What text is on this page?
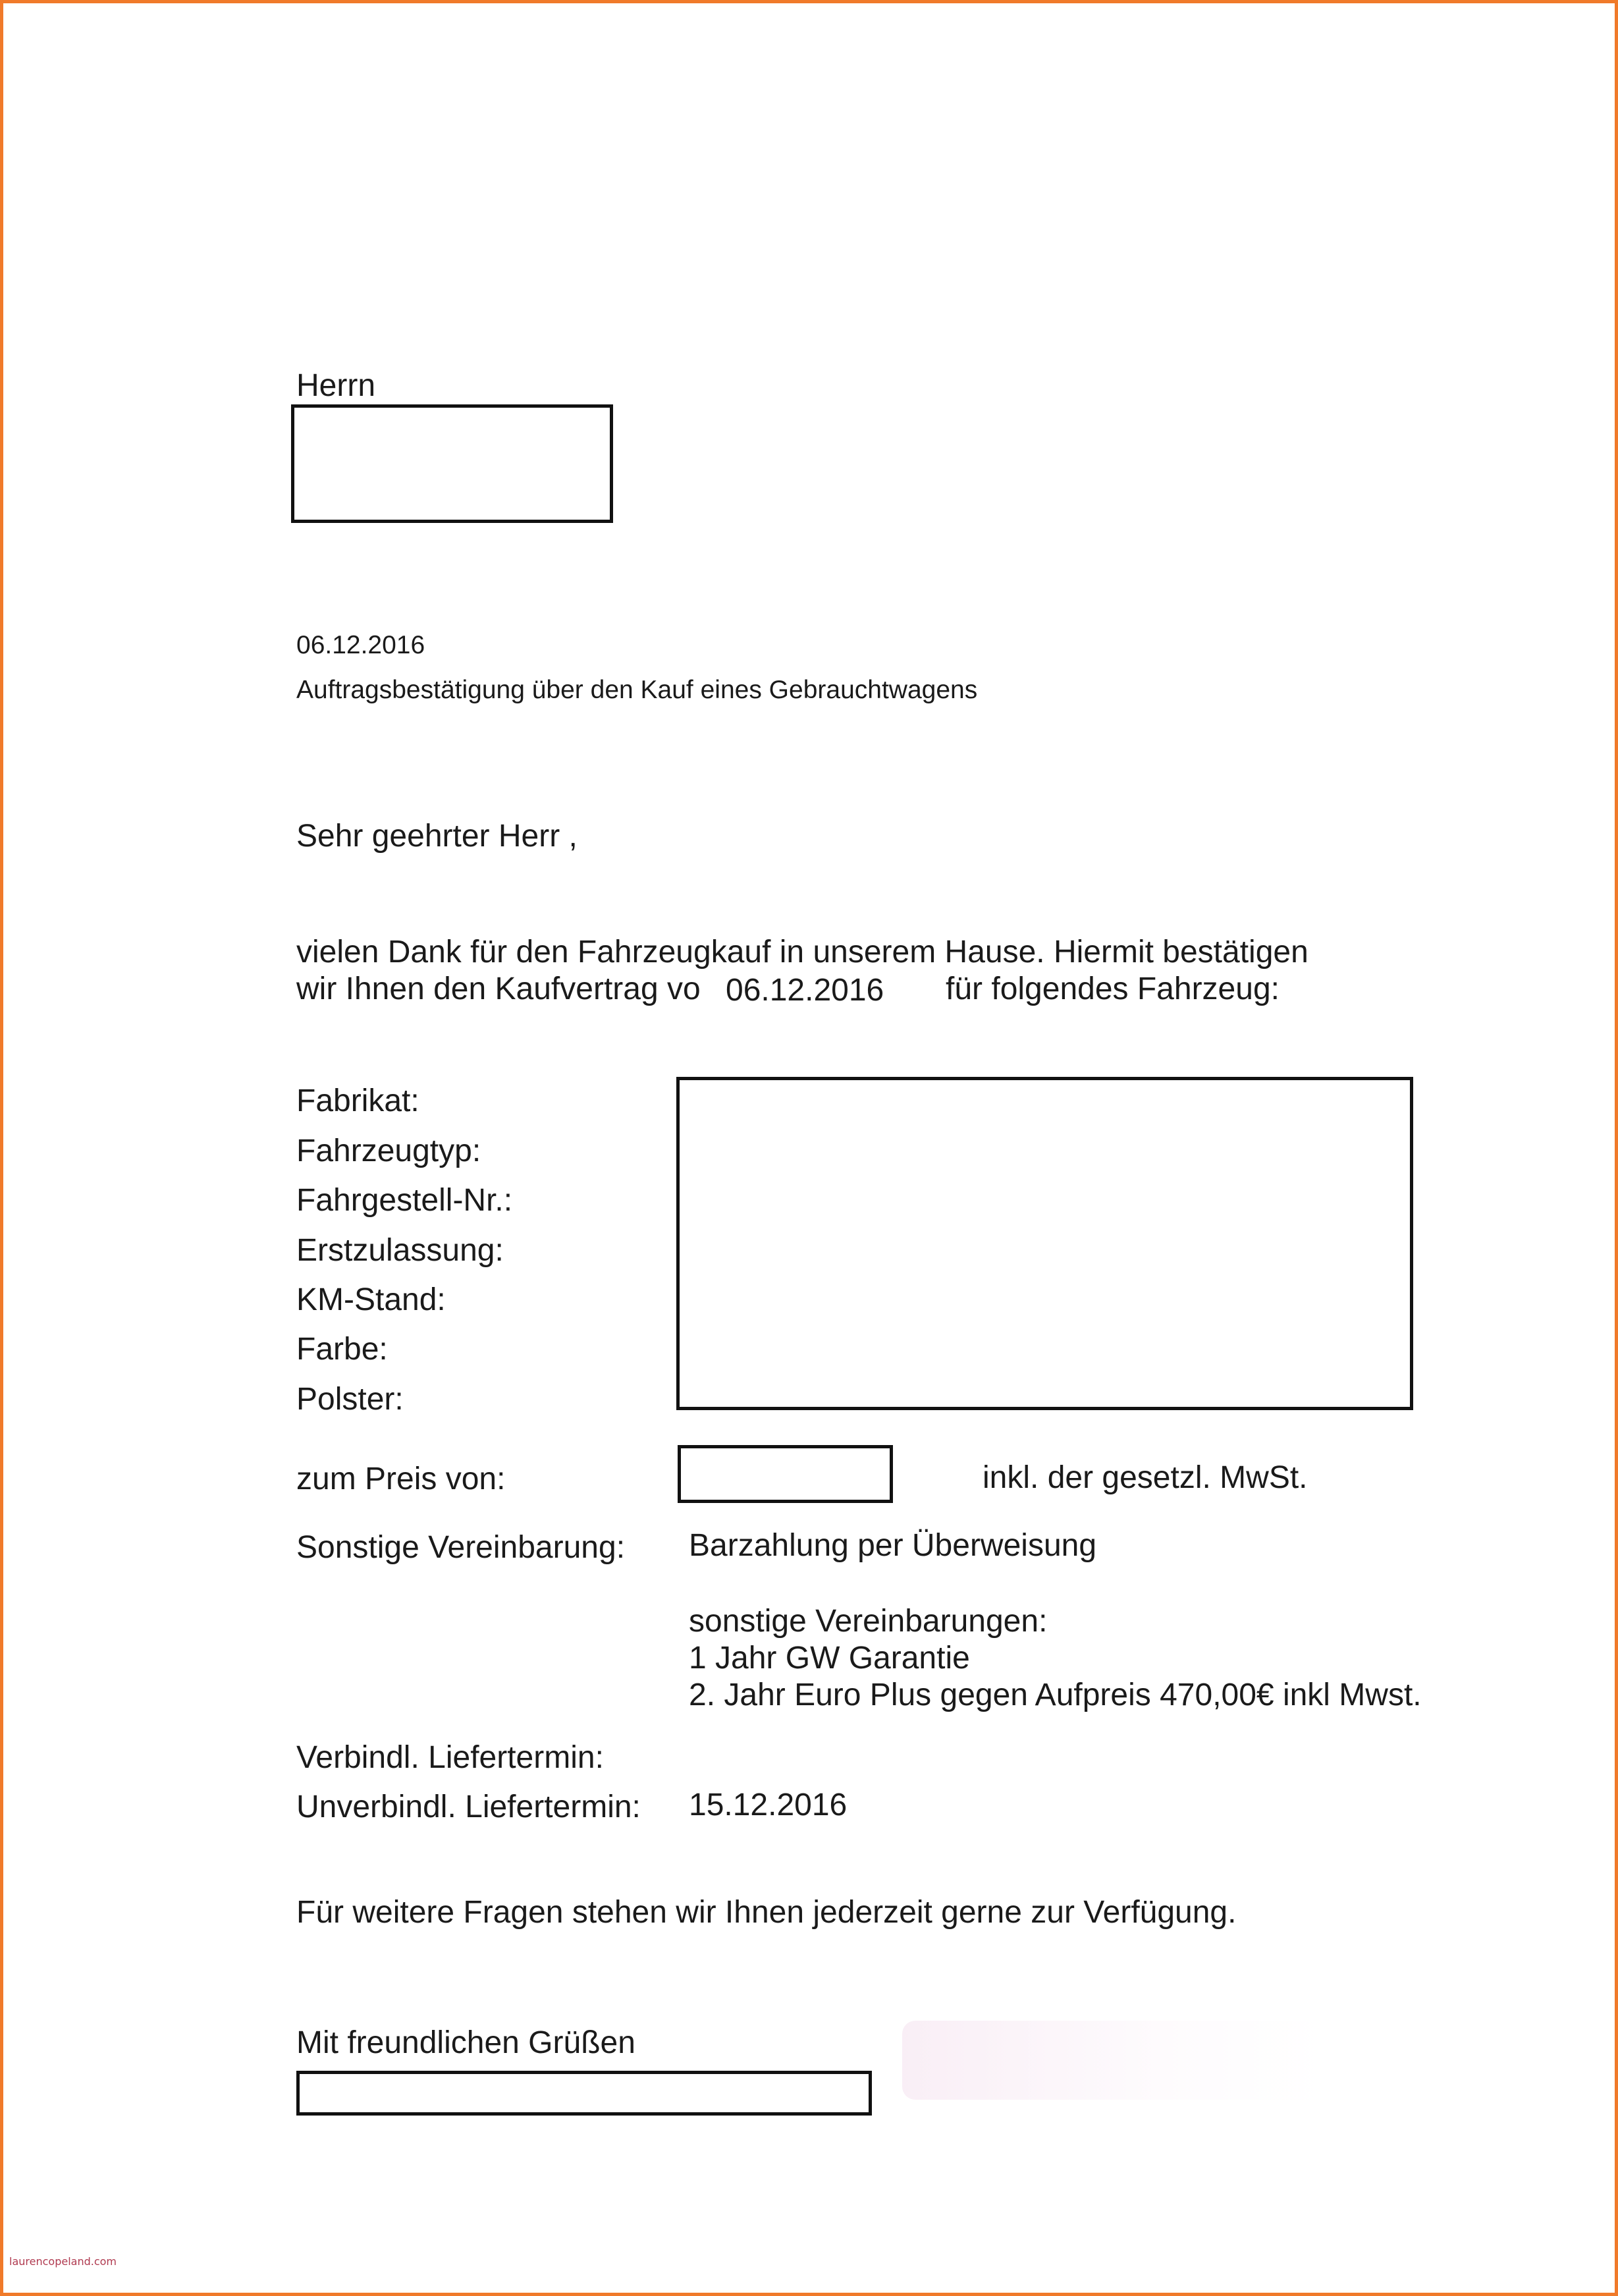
Herrn
06.12.2016
Auftragsbestätigung über den Kauf eines Gebrauchtwagens
Sehr geehrter Herr ,
vielen Dank für den Fahrzeugkauf in unserem Hause. Hiermit bestätigen
wir Ihnen den Kaufvertrag vo 06.12.2016 für folgendes Fahrzeug:
Fabrikat:
Fahrzeugtyp:
Fahrgestell-Nr.:
Erstzulassung:
KM-Stand:
Farbe:
Polster:
zum Preis von:	inkl. der gesetzl. MwSt.
Sonstige Vereinbarung: Barzahlung per Überweisung
sonstige Vereinbarungen:
1 Jahr GW Garantie
2. Jahr Euro Plus gegen Aufpreis 470,00€ inkl Mwst.
Verbindl. Liefertermin:
Unverbindl. Liefertermin: 15.12.2016
Für weitere Fragen stehen wir Ihnen jederzeit gerne zur Verfügung.
Mit freundlichen Grüßen
laurencopeland.com
